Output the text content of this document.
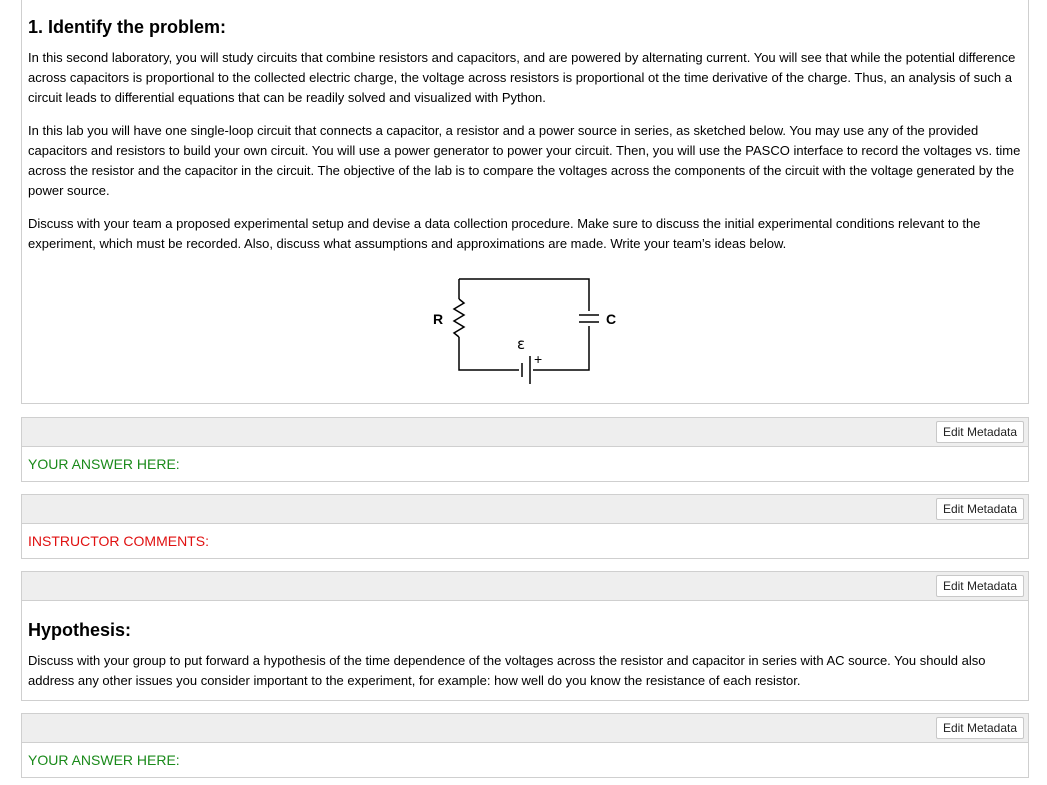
1. Identify the problem:

In this second laboratory, you will study circuits that combine resistors and capacitors, and are powered by alternating current. You will see that while the potential difference across capacitors is proportional to the collected electric charge, the voltage across resistors is proportional ot the time derivative of the charge. Thus, an analysis of such a circuit leads to differential equations that can be readily solved and visualized with Python.

In this lab you will have one single-loop circuit that connects a capacitor, a resistor and a power source in series, as sketched below. You may use any of the provided capacitors and resistors to build your own circuit. You will use a power generator to power your circuit. Then, you will use the PASCO interface to record the voltages vs. time across the resistor and the capacitor in the circuit. The objective of the lab is to compare the voltages across the components of the circuit with the voltage generated by the power source.

Discuss with your team a proposed experimental setup and devise a data collection procedure. Make sure to discuss the initial experimental conditions relevant to the experiment, which must be recorded. Also, discuss what assumptions and approximations are made. Write your team’s ideas below.

R	C
ε
+
Edit Metadata
YOUR ANSWER HERE:
Edit Metadata
INSTRUCTOR COMMENTS:
Edit Metadata
Hypothesis:

Discuss with your group to put forward a hypothesis of the time dependence of the voltages across the resistor and capacitor in series with AC source. You should also address any other issues you consider important to the experiment, for example: how well do you know the resistance of each resistor.

Edit Metadata
YOUR ANSWER HERE:
